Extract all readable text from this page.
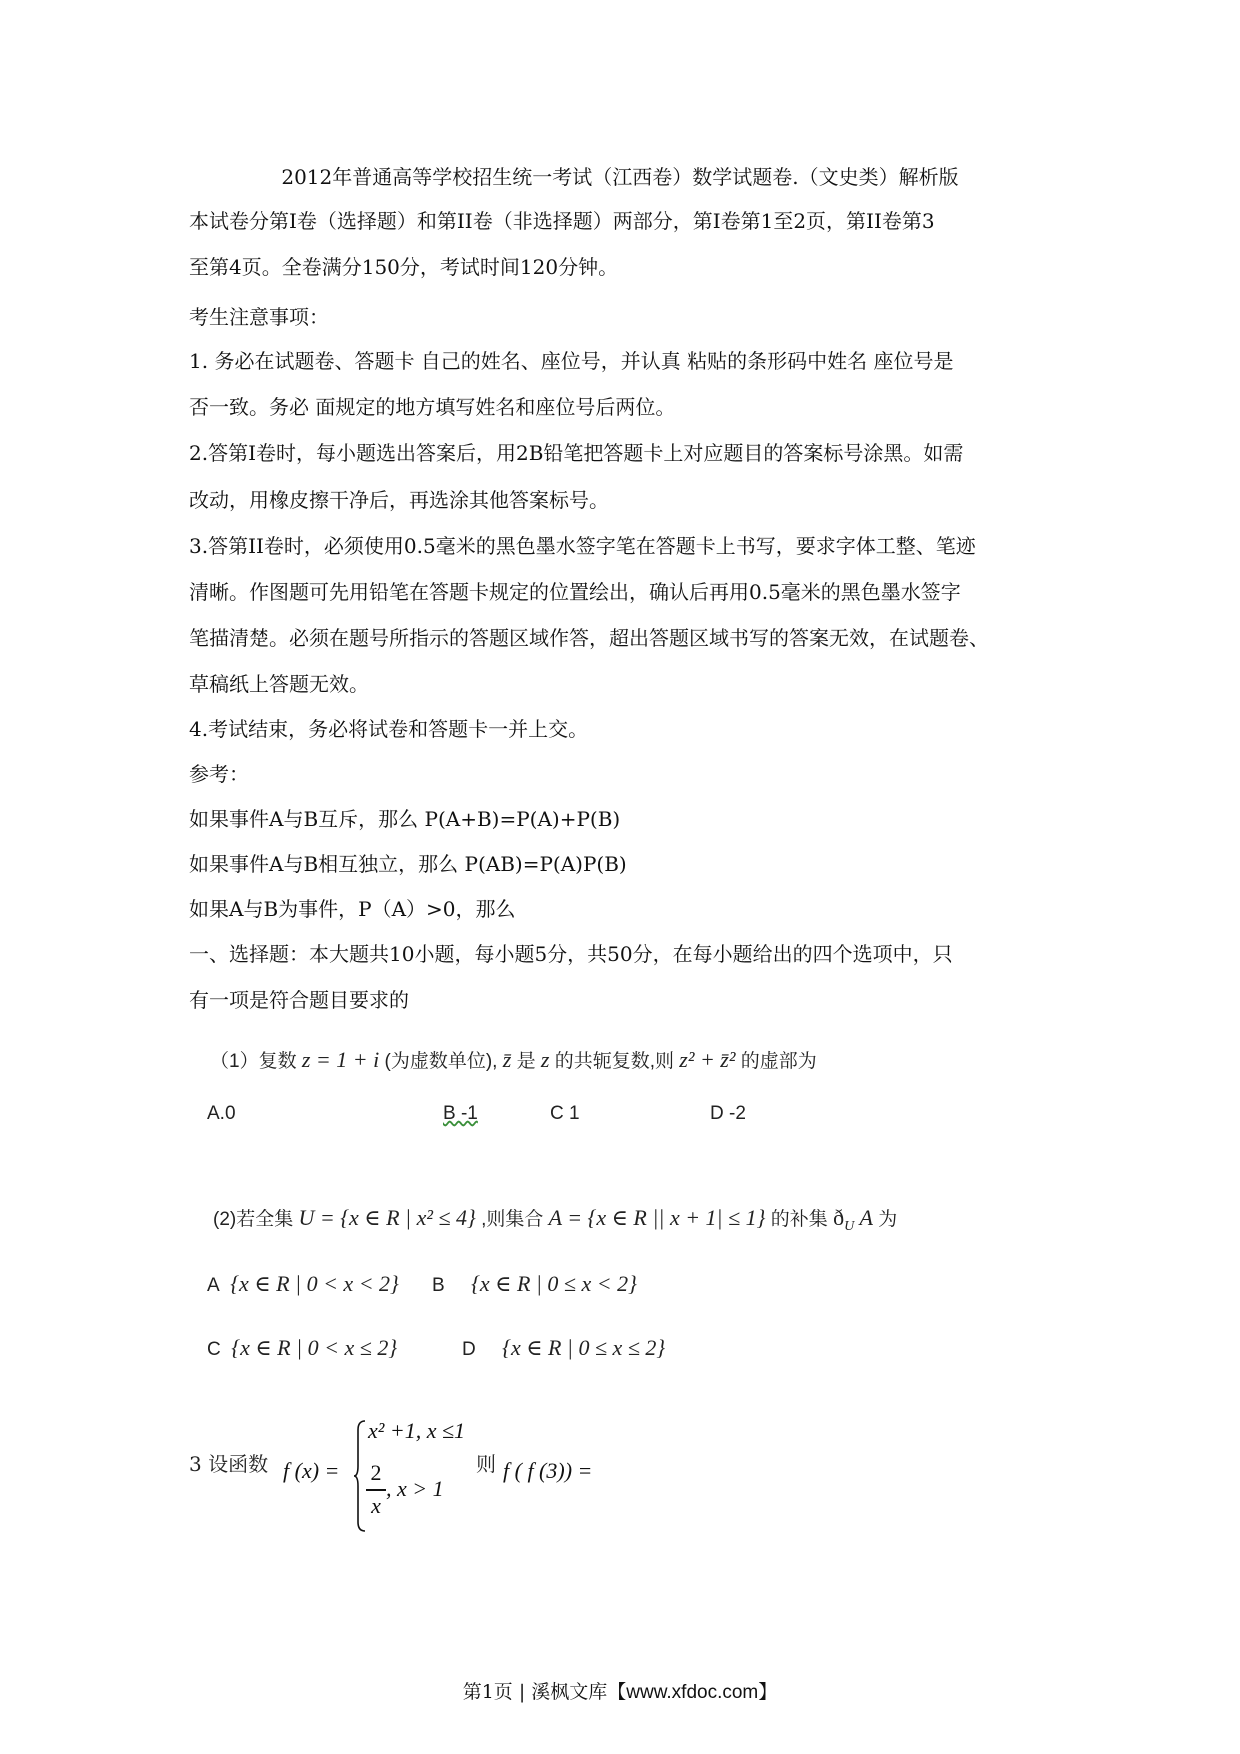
2012年普通高等学校招生统一考试（江西卷）数学试题卷.（文史类）解析版
本试卷分第I卷（选择题）和第II卷（非选择题）两部分，第I卷第1至2页，第II卷第3
至第4页。全卷满分150分，考试时间120分钟。
考生注意事项：
1. 务必在试题卷、答题卡 自己的姓名、座位号，并认真 粘贴的条形码中姓名 座位号是
否一致。务必 面规定的地方填写姓名和座位号后两位。
2.答第I卷时，每小题选出答案后，用2B铅笔把答题卡上对应题目的答案标号涂黑。如需
改动，用橡皮擦干净后，再选涂其他答案标号。
3.答第II卷时，必须使用0.5毫米的黑色墨水签字笔在答题卡上书写，要求字体工整、笔迹
清晰。作图题可先用铅笔在答题卡规定的位置绘出，确认后再用0.5毫米的黑色墨水签字
笔描清楚。必须在题号所指示的答题区域作答，超出答题区域书写的答案无效，在试题卷、
草稿纸上答题无效。
4.考试结束，务必将试卷和答题卡一并上交。
参考：
如果事件A与B互斥，那么 P(A+B)=P(A)+P(B)
如果事件A与B相互独立，那么 P(AB)=P(A)P(B)
如果A与B为事件，P（A）>0，那么
一、选择题：本大题共10小题，每小题5分，共50分，在每小题给出的四个选项中，只
有一项是符合题目要求的
（1）复数 z = 1 + i (为虚数单位), z̄ 是 z 的共轭复数,则 z² + z̄² 的虚部为
A.0	B -1	C 1	D -2
(2)若全集 U = {x ∈ R | x² ≤ 4} ,则集合 A = {x ∈ R || x + 1| ≤ 1} 的补集 $ð_U$ A 为
A {x ∈ R | 0 < x < 2} B {x ∈ R | 0 ≤ x < 2}
C {x ∈ R | 0 < x ≤ 2}	D {x ∈ R | 0 ≤ x ≤ 2}
3 设函数 f (x) =
x² +1, x ≤1
2
x
, x > 1
则 f ( f (3)) =
第1页 | 溪枫文库【www.xfdoc.com】
